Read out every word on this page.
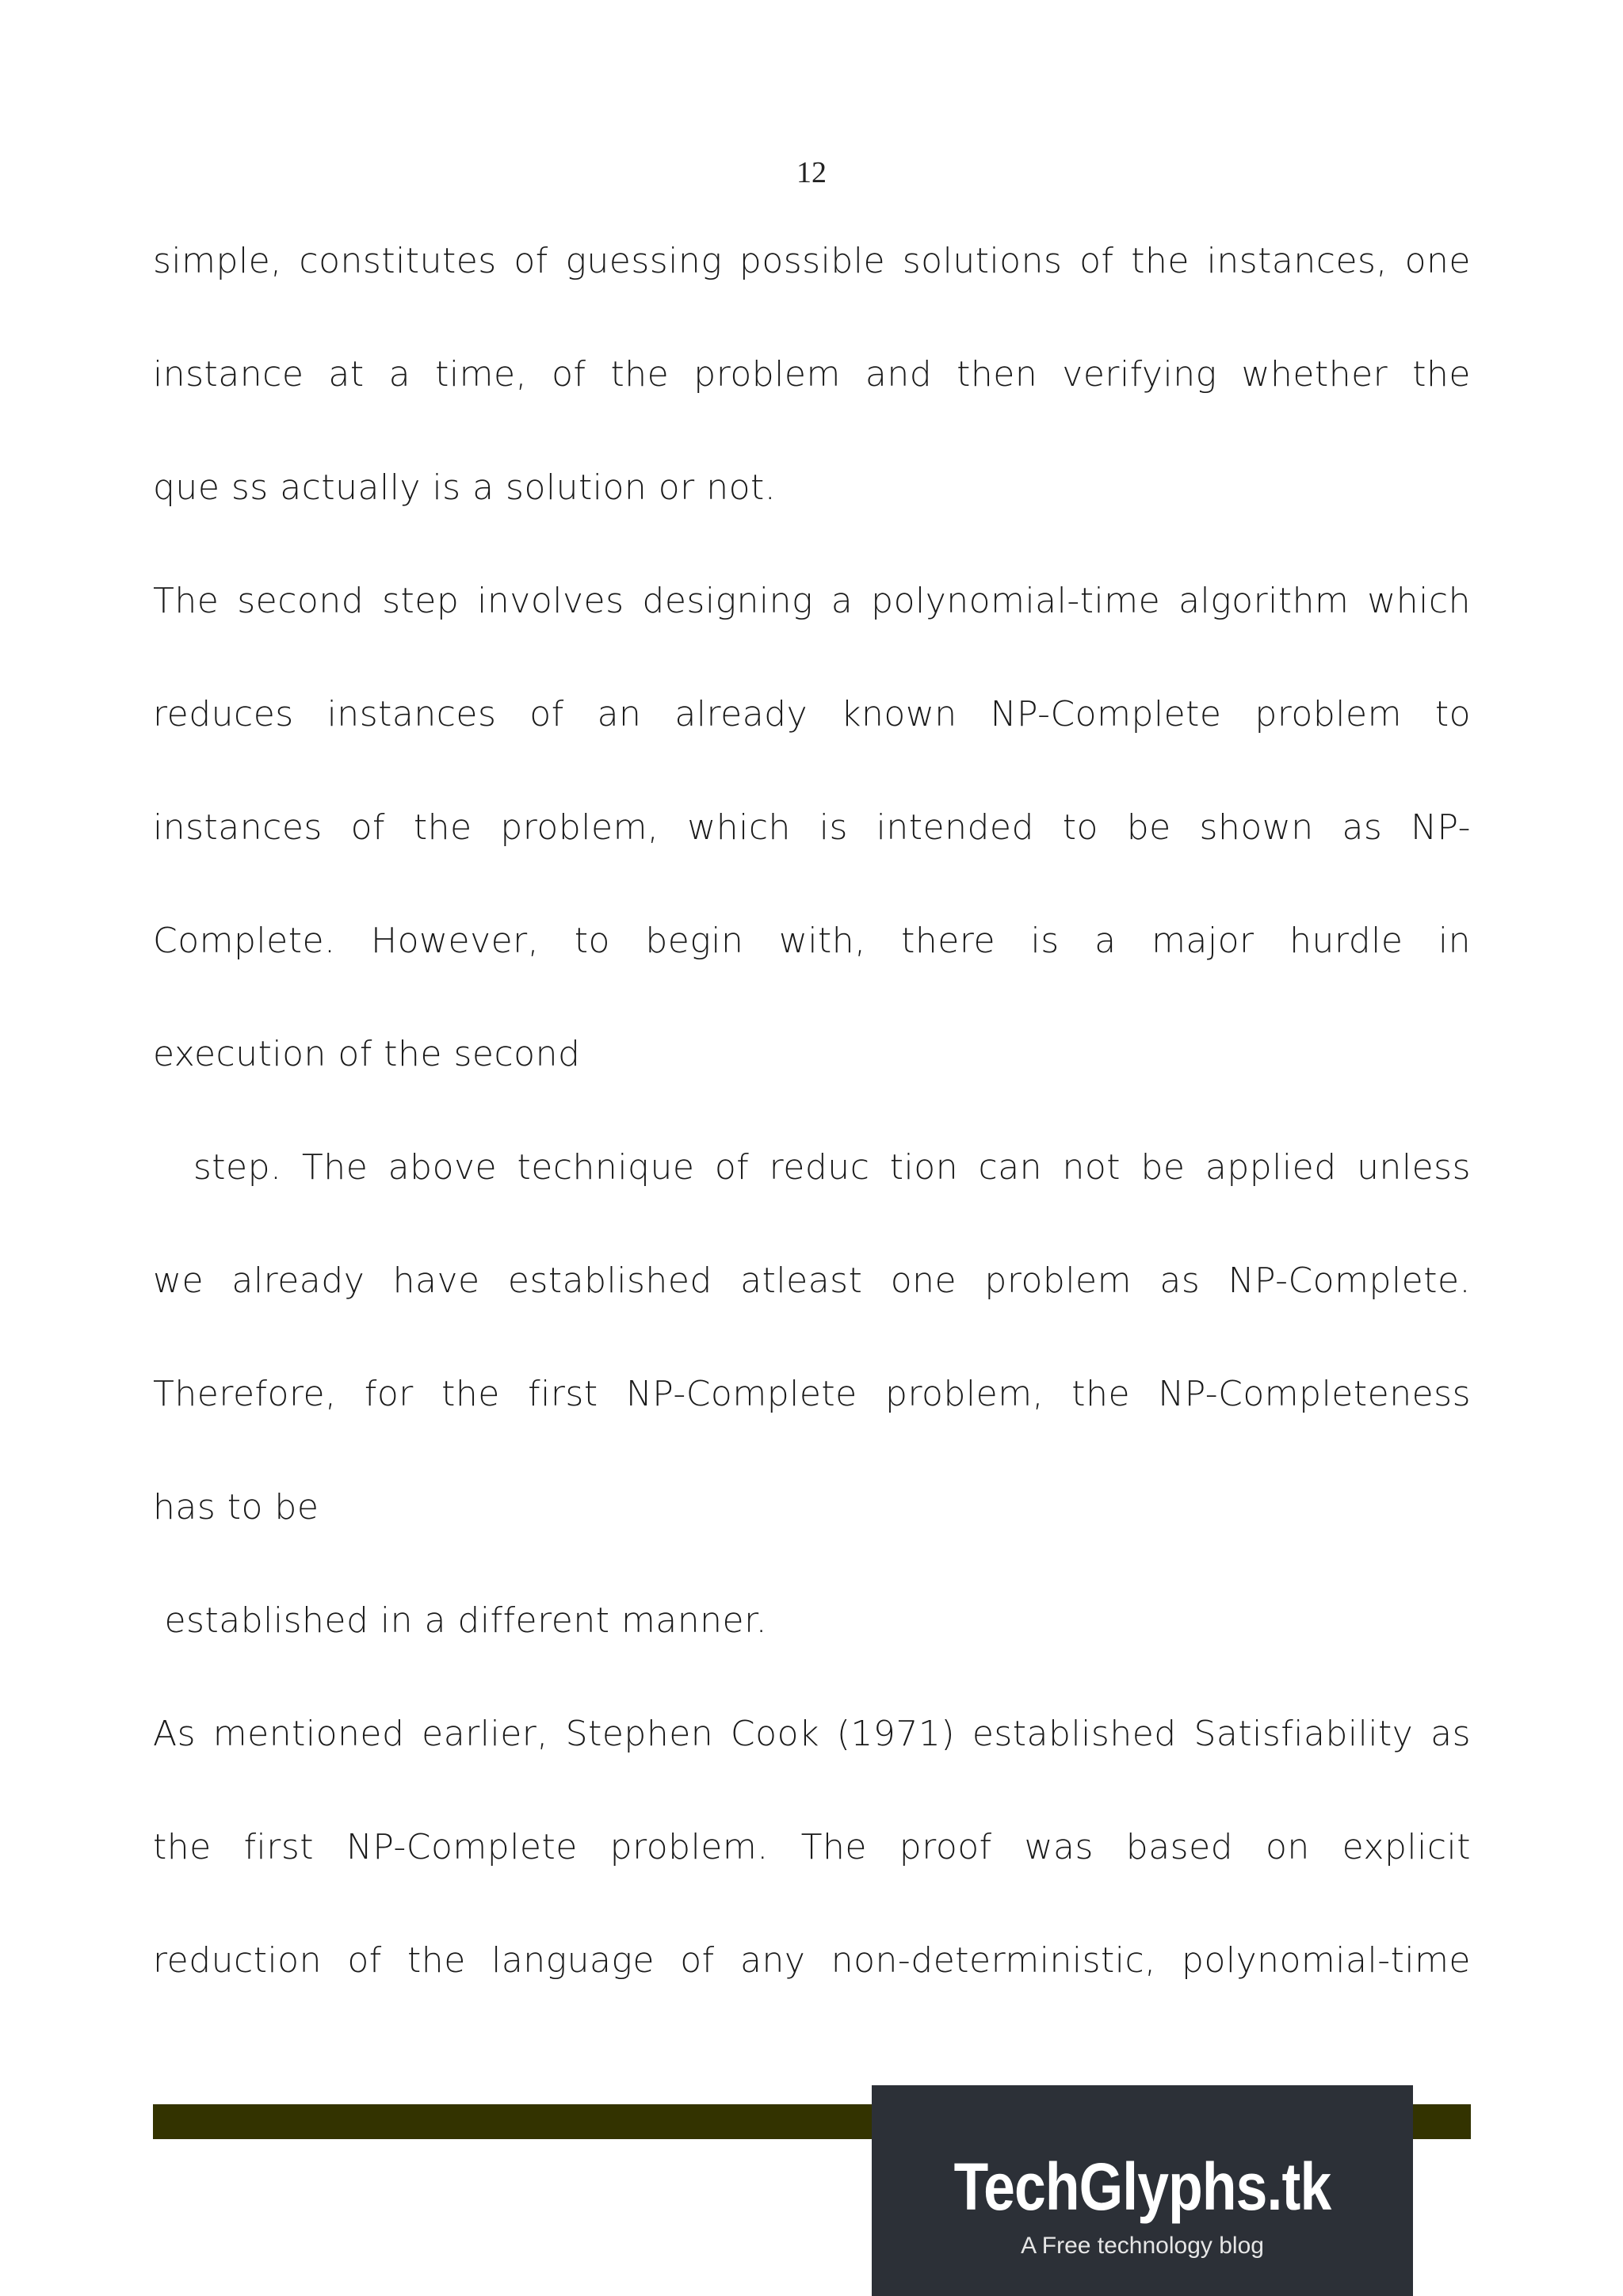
12
simple, constitutes of guessing possible solutions of the instances, one
instance at a time, of the problem and then verifying whether the
que ss actually is a solution or not.
The second step involves designing a polynomial-time algorithm which
reduces instances of an already known NP-Complete problem to
instances of the problem, which is intended to be shown as NP-
Complete. However, to begin with, there is a major hurdle in
execution of the second
step. The above technique of reduc tion can not be applied unless
we already have established atleast one problem as NP-Complete.
Therefore, for the first NP-Complete problem, the NP-Completeness
has to be
established in a different manner.
As mentioned earlier, Stephen Cook (1971) established Satisfiability as
the first NP-Complete problem. The proof was based on explicit
reduction of the language of any non-deterministic, polynomial-time
TechGlyphs.tk
A Free technology blog
